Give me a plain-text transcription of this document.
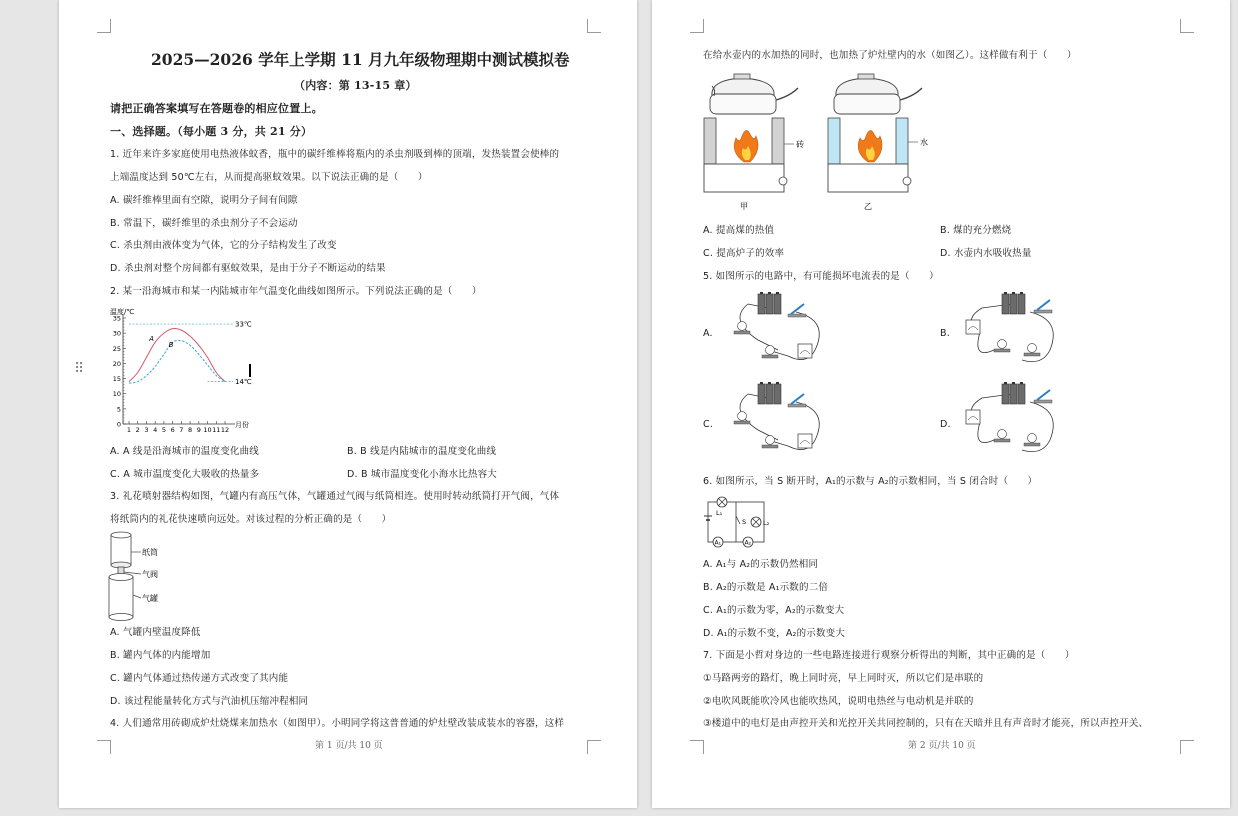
2025—2026 学年上学期 11 月九年级物理期中测试模拟卷
（内容：第 13-15 章）
请把正确答案填写在答题卷的相应位置上。
一、选择题。（每小题 3 分，共 21 分）
1. 近年来许多家庭使用电热液体蚊香，瓶中的碳纤维棒将瓶内的杀虫剂吸到棒的顶端，发热装置会使棒的
上端温度达到 50℃左右，从而提高驱蚊效果。以下说法正确的是（　　）
A. 碳纤维棒里面有空隙，说明分子间有间隙
B. 常温下，碳纤维里的杀虫剂分子不会运动
C. 杀虫剂由液体变为气体，它的分子结构发生了改变
D. 杀虫剂对整个房间都有驱蚊效果，是由于分子不断运动的结果
2. 某一沿海城市和某一内陆城市年气温变化曲线如图所示。下列说法正确的是（　　）
温度/℃
0
5
10
15
20
25
30
35
1 2 3 4 5 6 7 8 9 10 11 12
月份
33℃
14℃
A
B
A. A 线是沿海城市的温度变化曲线	B. B 线是内陆城市的温度变化曲线
C. A 城市温度变化大吸收的热量多	D. B 城市温度变化小海水比热容大
3. 礼花喷射器结构如图，气罐内有高压气体，气罐通过气阀与纸筒相连。使用时转动纸筒打开气阀，气体
将纸筒内的礼花快速喷向远处。对该过程的分析正确的是（　　）
纸筒
气阀
气罐
A. 气罐内壁温度降低
B. 罐内气体的内能增加
C. 罐内气体通过热传递方式改变了其内能
D. 该过程能量转化方式与汽油机压缩冲程相同
4. 人们通常用砖砌成炉灶烧煤来加热水（如图甲）。小明同学将这普普通的炉灶壁改装成装水的容器，这样
第 1 页/共 10 页
⠿
在给水壶内的水加热的同时，也加热了炉灶壁内的水（如图乙）。这样做有利于（　　）
砖
甲
水
乙
A. 提高煤的热值	B. 煤的充分燃烧
C. 提高炉子的效率	D. 水壶内水吸收热量
5. 如图所示的电路中，有可能损坏电流表的是（　　）
A.	B.
C.	D.
6. 如图所示，当 S 断开时，A₁的示数与 A₂的示数相同，当 S 闭合时（　　）
L₁
S	L₂
A₁	A₂
A. A₁与 A₂的示数仍然相同
B. A₂的示数是 A₁示数的二倍
C. A₁的示数为零，A₂的示数变大
D. A₁的示数不变，A₂的示数变大
7. 下面是小哲对身边的一些电路连接进行观察分析得出的判断，其中正确的是（　　）
①马路两旁的路灯，晚上同时亮，早上同时灭，所以它们是串联的
②电吹风既能吹冷风也能吹热风，说明电热丝与电动机是并联的
③楼道中的电灯是由声控开关和光控开关共同控制的，只有在天暗并且有声音时才能亮，所以声控开关、
第 2 页/共 10 页
